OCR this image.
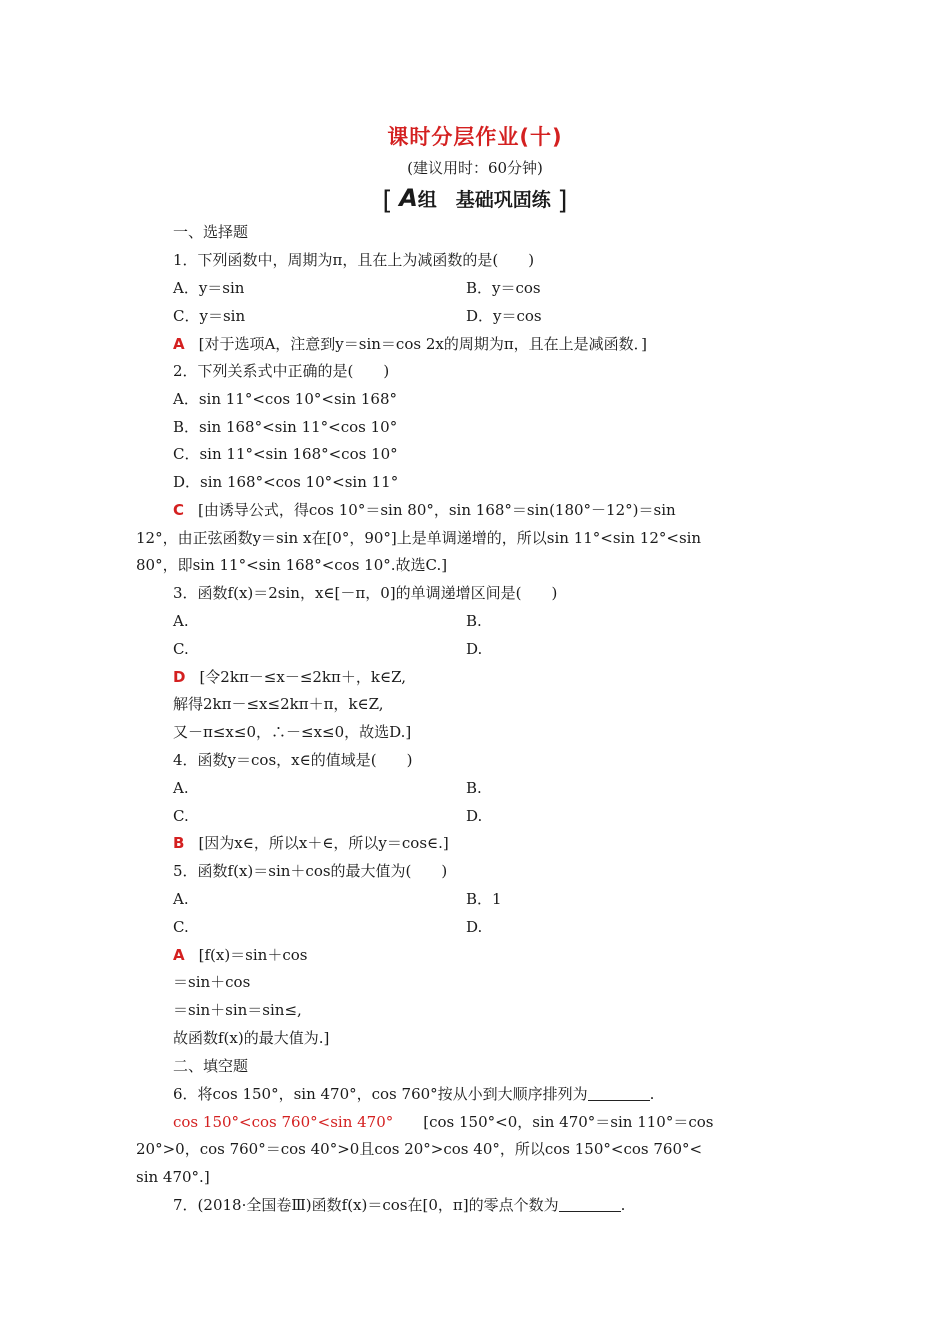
课时分层作业(十)
(建议用时：60分钟)
[ A组　基础巩固练 ]
一、选择题
1．下列函数中，周期为π，且在上为减函数的是(　　)
A．y＝sin	B．y＝cos
C．y＝sin	D．y＝cos
A [对于选项A，注意到y＝sin＝cos 2x的周期为π，且在上是减函数．]
2．下列关系式中正确的是(　　)
A．sin 11°<cos 10°<sin 168°
B．sin 168°<sin 11°<cos 10°
C．sin 11°<sin 168°<cos 10°
D．sin 168°<cos 10°<sin 11°
C [由诱导公式，得cos 10°＝sin 80°，sin 168°＝sin(180°－12°)＝sin
12°，由正弦函数y＝sin x在[0°，90°]上是单调递增的，所以sin 11°<sin 12°<sin
80°，即sin 11°<sin 168°<cos 10°.故选C.]
3．函数f(x)＝2sin，x∈[－π，0]的单调递增区间是(　　)
A.	B.
C.	D.
D [令2kπ－≤x－≤2kπ＋，k∈Z,
解得2kπ－≤x≤2kπ＋π，k∈Z,
又－π≤x≤0，∴－≤x≤0，故选D.]
4．函数y＝cos，x∈的值域是(　　)
A.	B.
C.	D.
B [因为x∈，所以x＋∈，所以y＝cos∈.]
5．函数f(x)＝sin＋cos的最大值为(　　)
A.	B．1
C.	D.
A [f(x)＝sin＋cos
＝sin＋cos
＝sin＋sin＝sin≤,
故函数f(x)的最大值为.]
二、填空题
6．将cos 150°，sin 470°，cos 760°按从小到大顺序排列为	.
cos 150°<cos 760°<sin 470° [cos 150°<0，sin 470°＝sin 110°＝cos
20°>0，cos 760°＝cos 40°>0且cos 20°>cos 40°，所以cos 150°<cos 760°<
sin 470°.]
7．(2018·全国卷Ⅲ)函数f(x)＝cos在[0，π]的零点个数为	.
